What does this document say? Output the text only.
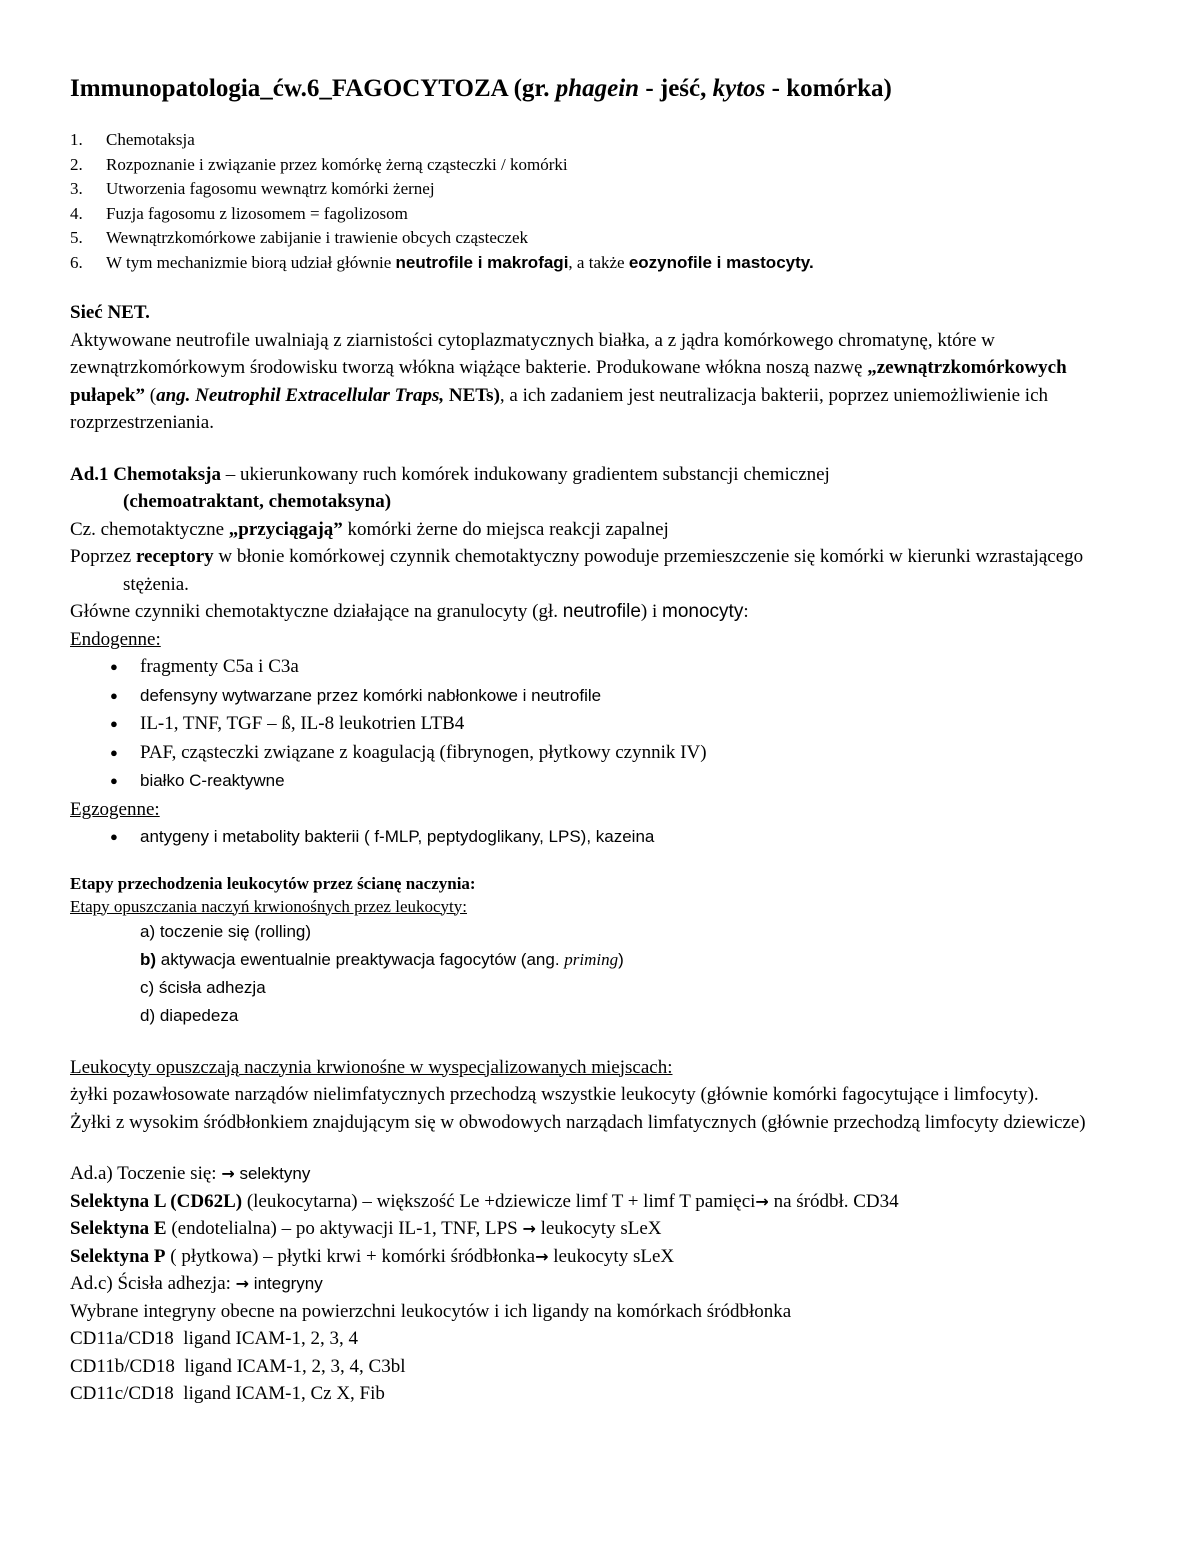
Immunopatologia_ćw.6_FAGOCYTOZA (gr. phagein - jeść, kytos - komórka)
1. Chemotaksja
2. Rozpoznanie i związanie przez komórkę żerną cząsteczki / komórki
3. Utworzenia fagosomu wewnątrz komórki żernej
4. Fuzja fagosomu z lizosomem = fagolizosom
5. Wewnątrzkomórkowe zabijanie i trawienie obcych cząsteczek
6. W tym mechanizmie biorą udział głównie neutrofile i makrofagi, a także eozynofile i mastocyty.

Sieć NET.

Aktywowane neutrofile uwalniają z ziarnistości cytoplazmatycznych białka, a z jądra komórkowego chromatynę, które w zewnątrzkomórkowym środowisku tworzą włókna wiążące bakterie. Produkowane włókna noszą nazwę „zewnątrzkomórkowych pułapek” (ang. Neutrophil Extracellular Traps, NETs), a ich zadaniem jest neutralizacja bakterii, poprzez uniemożliwienie ich rozprzestrzeniania.

Ad.1 Chemotaksja – ukierunkowany ruch komórek indukowany gradientem substancji chemicznej

(chemoatraktant, chemotaksyna)

Cz. chemotaktyczne „przyciągają” komórki żerne do miejsca reakcji zapalnej

Poprzez receptory w błonie komórkowej czynnik chemotaktyczny powoduje przemieszczenie się komórki w kierunki wzrastającego stężenia.

Główne czynniki chemotaktyczne działające na granulocyty (gł. neutrofile) i monocyty:

Endogenne:

● fragmenty C5a i C3a
● defensyny wytwarzane przez komórki nabłonkowe i neutrofile
● IL-1, TNF, TGF – ß, IL-8 leukotrien LTB4
● PAF, cząsteczki związane z koagulacją (fibrynogen, płytkowy czynnik IV)
● białko C-reaktywne

Egzogenne:

● antygeny i metabolity bakterii ( f-MLP, peptydoglikany, LPS), kazeina

Etapy przechodzenia leukocytów przez ścianę naczynia:

Etapy opuszczania naczyń krwionośnych przez leukocyty:

a) toczenie się (rolling)
b) aktywacja ewentualnie preaktywacja fagocytów (ang. priming)
c) ścisła adhezja
d) diapedeza

Leukocyty opuszczają naczynia krwionośne w wyspecjalizowanych miejscach:

żyłki pozawłosowate narządów nielimfatycznych przechodzą wszystkie leukocyty (głównie komórki fagocytujące i limfocyty).

Żyłki z wysokim śródbłonkiem znajdującym się w obwodowych narządach limfatycznych (głównie przechodzą limfocyty dziewicze)

Ad.a) Toczenie się: → selektyny

Selektyna L (CD62L) (leukocytarna) – większość Le +dziewicze limf T + limf T pamięci→ na śródbł. CD34

Selektyna E (endotelialna) – po aktywacji IL-1, TNF, LPS → leukocyty sLeX

Selektyna P ( płytkowa) – płytki krwi + komórki śródbłonka→ leukocyty sLeX

Ad.c) Ścisła adhezja: → integryny

Wybrane integryny obecne na powierzchni leukocytów i ich ligandy na komórkach śródbłonka

CD11a/CD18  ligand ICAM-1, 2, 3, 4

CD11b/CD18  ligand ICAM-1, 2, 3, 4, C3bl

CD11c/CD18  ligand ICAM-1, Cz X, Fib
